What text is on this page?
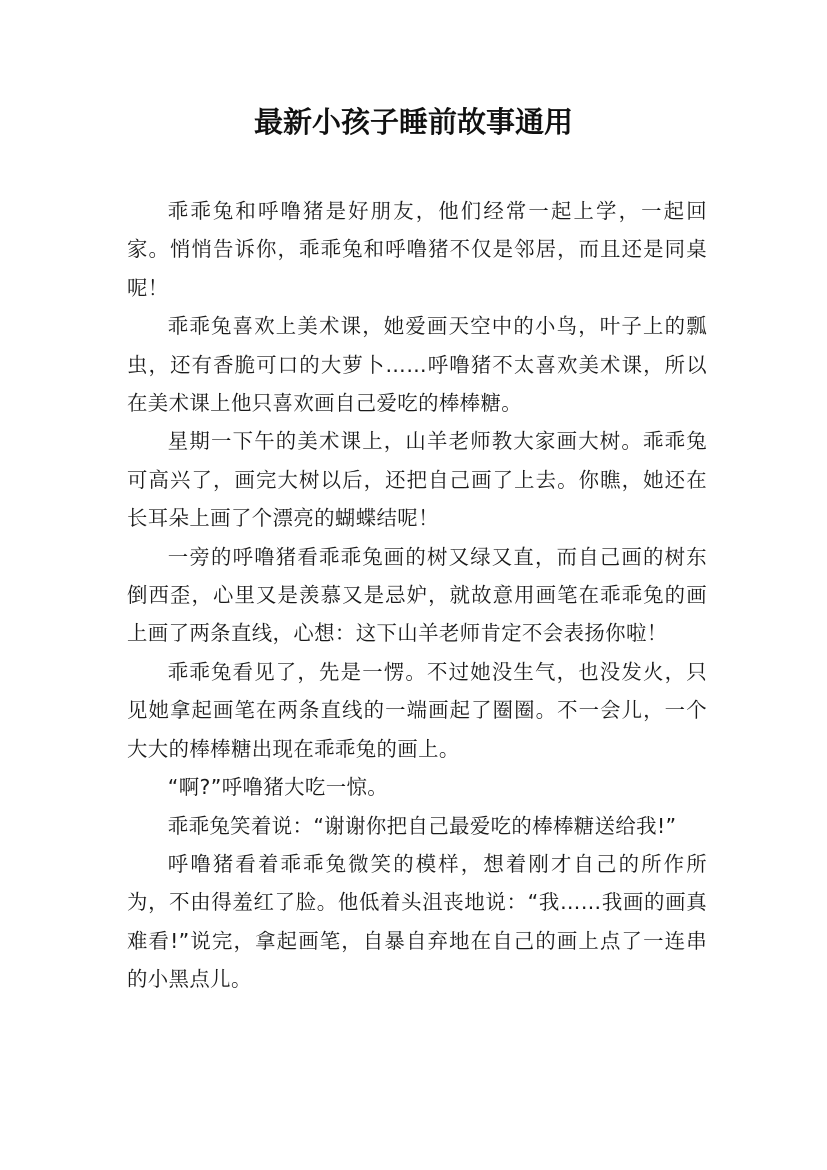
最新小孩子睡前故事通用

乖乖兔和呼噜猪是好朋友，他们经常一起上学，一起回家。悄悄告诉你，乖乖兔和呼噜猪不仅是邻居，而且还是同桌呢！

乖乖兔喜欢上美术课，她爱画天空中的小鸟，叶子上的瓢虫，还有香脆可口的大萝卜……呼噜猪不太喜欢美术课，所以在美术课上他只喜欢画自己爱吃的棒棒糖。

星期一下午的美术课上，山羊老师教大家画大树。乖乖兔可高兴了，画完大树以后，还把自己画了上去。你瞧，她还在长耳朵上画了个漂亮的蝴蝶结呢！

一旁的呼噜猪看乖乖兔画的树又绿又直，而自己画的树东倒西歪，心里又是羡慕又是忌妒，就故意用画笔在乖乖兔的画上画了两条直线，心想：这下山羊老师肯定不会表扬你啦！

乖乖兔看见了，先是一愣。不过她没生气，也没发火，只见她拿起画笔在两条直线的一端画起了圈圈。不一会儿，一个大大的棒棒糖出现在乖乖兔的画上。

“啊?”呼噜猪大吃一惊。

乖乖兔笑着说：“谢谢你把自己最爱吃的棒棒糖送给我!”

呼噜猪看着乖乖兔微笑的模样，想着刚才自己的所作所为，不由得羞红了脸。他低着头沮丧地说：“我……我画的画真难看!”说完，拿起画笔，自暴自弃地在自己的画上点了一连串的小黑点儿。
